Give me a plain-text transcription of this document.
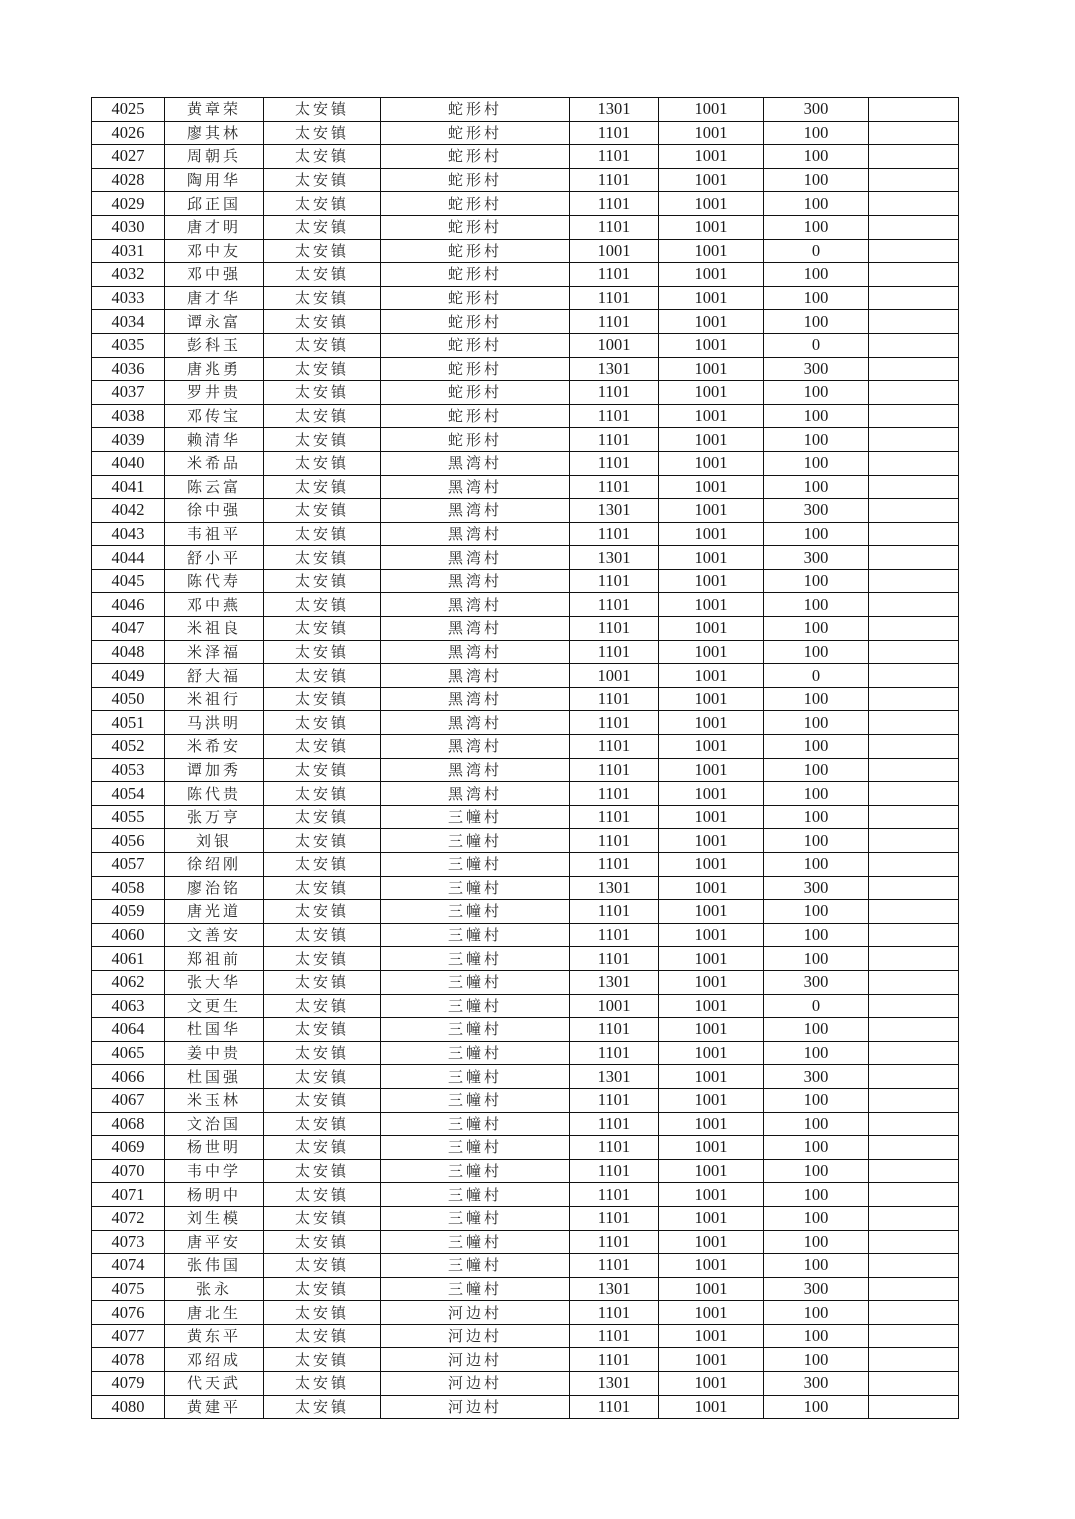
4025	黄章荣	太安镇	蛇形村	1301	1001	300	
4026	廖其林	太安镇	蛇形村	1101	1001	100	
4027	周朝兵	太安镇	蛇形村	1101	1001	100	
4028	陶用华	太安镇	蛇形村	1101	1001	100	
4029	邱正国	太安镇	蛇形村	1101	1001	100	
4030	唐才明	太安镇	蛇形村	1101	1001	100	
4031	邓中友	太安镇	蛇形村	1001	1001	0	
4032	邓中强	太安镇	蛇形村	1101	1001	100	
4033	唐才华	太安镇	蛇形村	1101	1001	100	
4034	谭永富	太安镇	蛇形村	1101	1001	100	
4035	彭科玉	太安镇	蛇形村	1001	1001	0	
4036	唐兆勇	太安镇	蛇形村	1301	1001	300	
4037	罗井贵	太安镇	蛇形村	1101	1001	100	
4038	邓传宝	太安镇	蛇形村	1101	1001	100	
4039	赖清华	太安镇	蛇形村	1101	1001	100	
4040	米希品	太安镇	黑湾村	1101	1001	100	
4041	陈云富	太安镇	黑湾村	1101	1001	100	
4042	徐中强	太安镇	黑湾村	1301	1001	300	
4043	韦祖平	太安镇	黑湾村	1101	1001	100	
4044	舒小平	太安镇	黑湾村	1301	1001	300	
4045	陈代寿	太安镇	黑湾村	1101	1001	100	
4046	邓中燕	太安镇	黑湾村	1101	1001	100	
4047	米祖良	太安镇	黑湾村	1101	1001	100	
4048	米泽福	太安镇	黑湾村	1101	1001	100	
4049	舒大福	太安镇	黑湾村	1001	1001	0	
4050	米祖行	太安镇	黑湾村	1101	1001	100	
4051	马洪明	太安镇	黑湾村	1101	1001	100	
4052	米希安	太安镇	黑湾村	1101	1001	100	
4053	谭加秀	太安镇	黑湾村	1101	1001	100	
4054	陈代贵	太安镇	黑湾村	1101	1001	100	
4055	张万亨	太安镇	三幢村	1101	1001	100	
4056	刘银	太安镇	三幢村	1101	1001	100	
4057	徐绍刚	太安镇	三幢村	1101	1001	100	
4058	廖治铭	太安镇	三幢村	1301	1001	300	
4059	唐光道	太安镇	三幢村	1101	1001	100	
4060	文善安	太安镇	三幢村	1101	1001	100	
4061	郑祖前	太安镇	三幢村	1101	1001	100	
4062	张大华	太安镇	三幢村	1301	1001	300	
4063	文更生	太安镇	三幢村	1001	1001	0	
4064	杜国华	太安镇	三幢村	1101	1001	100	
4065	姜中贵	太安镇	三幢村	1101	1001	100	
4066	杜国强	太安镇	三幢村	1301	1001	300	
4067	米玉林	太安镇	三幢村	1101	1001	100	
4068	文治国	太安镇	三幢村	1101	1001	100	
4069	杨世明	太安镇	三幢村	1101	1001	100	
4070	韦中学	太安镇	三幢村	1101	1001	100	
4071	杨明中	太安镇	三幢村	1101	1001	100	
4072	刘生模	太安镇	三幢村	1101	1001	100	
4073	唐平安	太安镇	三幢村	1101	1001	100	
4074	张伟国	太安镇	三幢村	1101	1001	100	
4075	张永	太安镇	三幢村	1301	1001	300	
4076	唐北生	太安镇	河边村	1101	1001	100	
4077	黄东平	太安镇	河边村	1101	1001	100	
4078	邓绍成	太安镇	河边村	1101	1001	100	
4079	代天武	太安镇	河边村	1301	1001	300	
4080	黄建平	太安镇	河边村	1101	1001	100	
